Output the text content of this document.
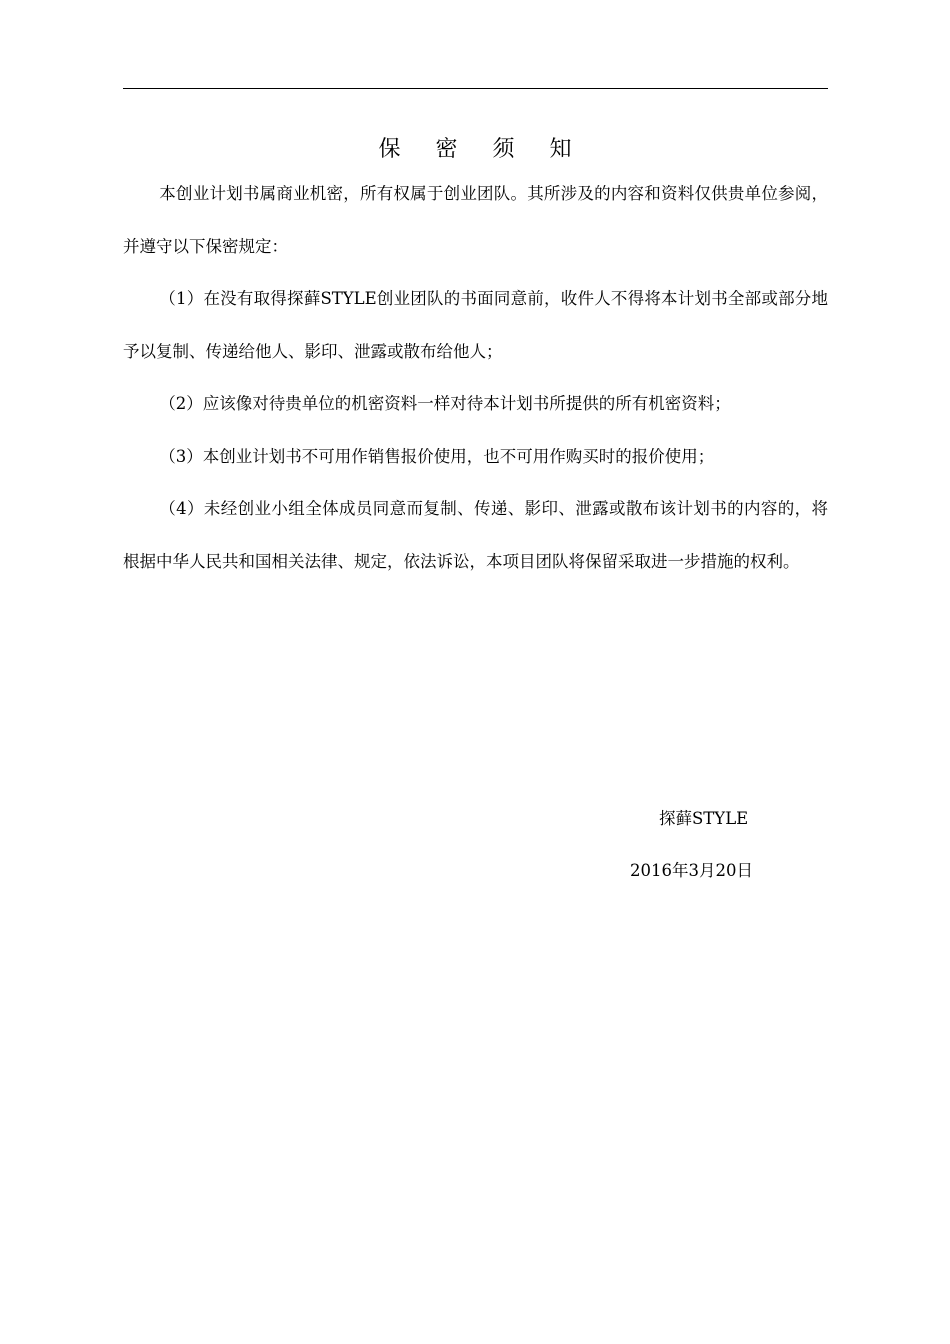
保 密 须 知

本创业计划书属商业机密，所有权属于创业团队。其所涉及的内容和资料仅供贵单位参阅，并遵守以下保密规定：

（1）在没有取得探藓STYLE创业团队的书面同意前，收件人不得将本计划书全部或部分地予以复制、传递给他人、影印、泄露或散布给他人；

（2）应该像对待贵单位的机密资料一样对待本计划书所提供的所有机密资料；

（3）本创业计划书不可用作销售报价使用，也不可用作购买时的报价使用；

（4）未经创业小组全体成员同意而复制、传递、影印、泄露或散布该计划书的内容的，将根据中华人民共和国相关法律、规定，依法诉讼，本项目团队将保留采取进一步措施的权利。

探藓STYLE
2016年3月20日
